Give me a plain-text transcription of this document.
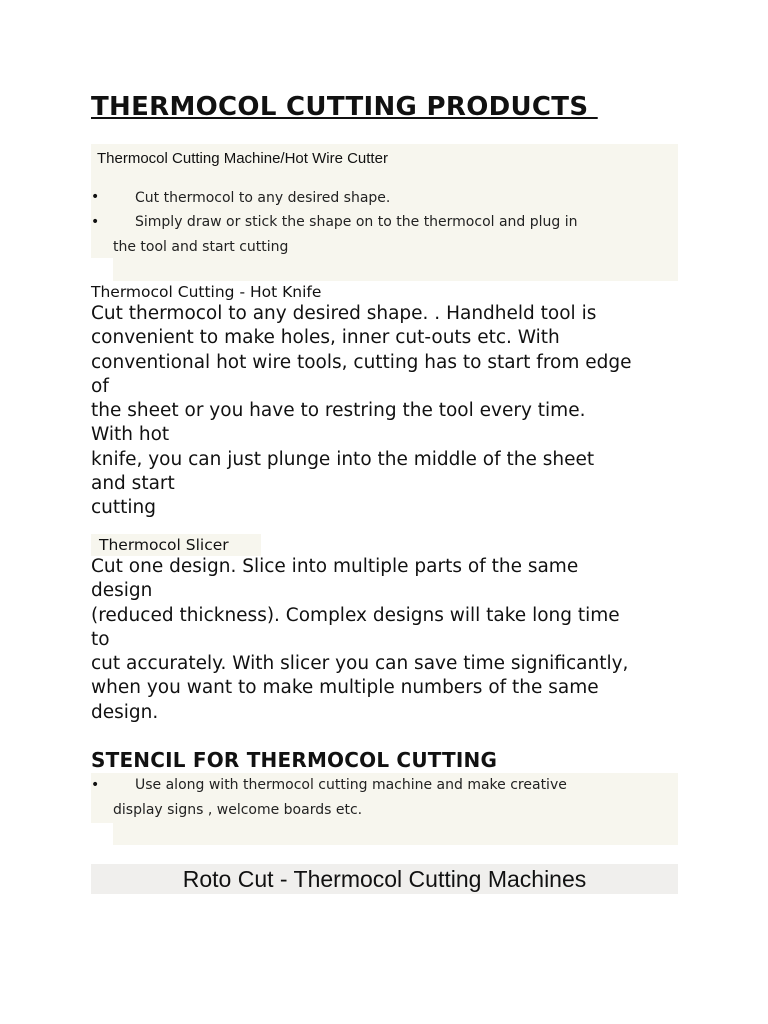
THERMOCOL CUTTING PRODUCTS
Thermocol Cutting Machine/Hot Wire Cutter
•	Cut thermocol to any desired shape.
•	Simply draw or stick the shape on to the thermocol and plug in
the tool and start cutting
Thermocol Cutting - Hot Knife
Cut thermocol to any desired shape. . Handheld tool is
convenient to make holes, inner cut-outs etc. With
conventional hot wire tools, cutting has to start from edge
of
the sheet or you have to restring the tool every time.
With hot
knife, you can just plunge into the middle of the sheet
and start
cutting
Thermocol Slicer
Cut one design. Slice into multiple parts of the same
design
(reduced thickness). Complex designs will take long time
to
cut accurately. With slicer you can save time significantly,
when you want to make multiple numbers of the same
design.
STENCIL FOR THERMOCOL CUTTING
•	Use along with thermocol cutting machine and make creative
display signs , welcome boards etc.
Roto Cut - Thermocol Cutting Machines
